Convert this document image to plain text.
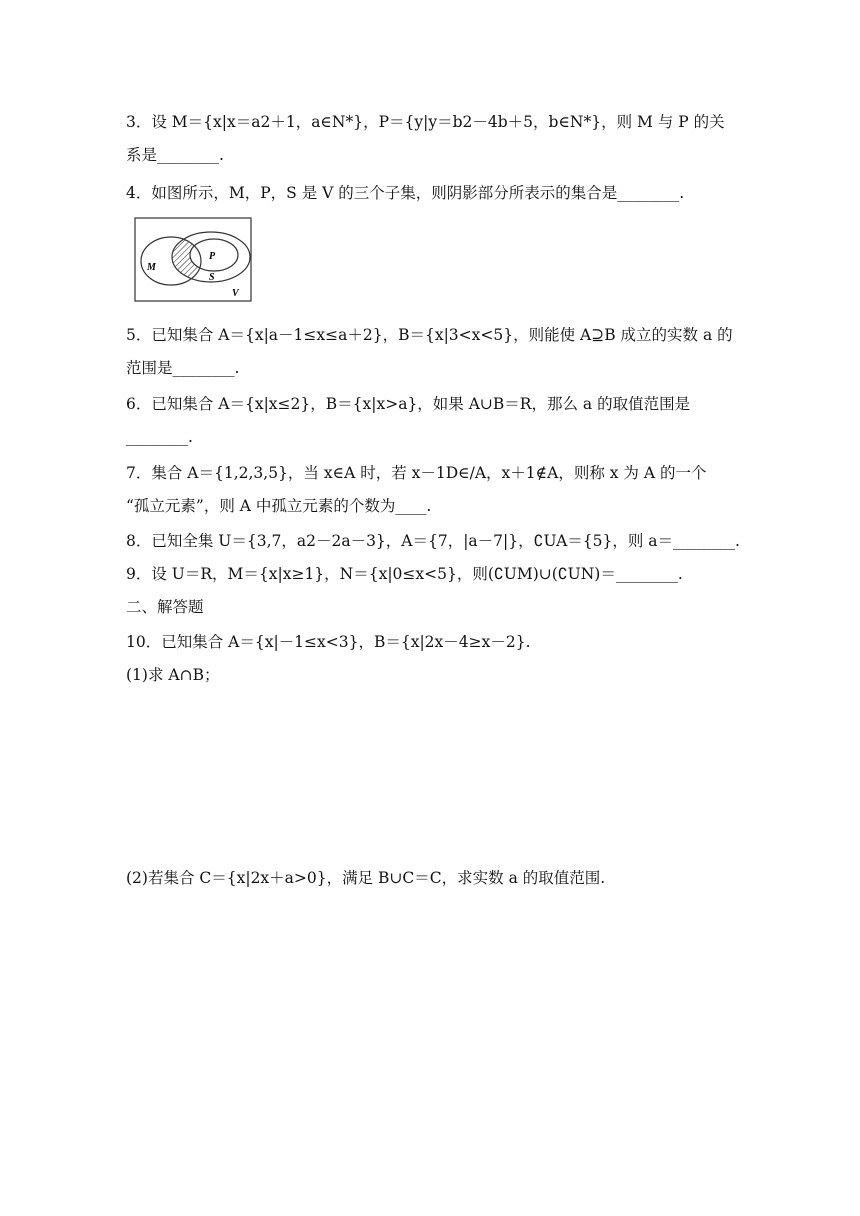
3．设 M＝{x|x＝a2＋1，a∈N*}，P＝{y|y＝b2－4b＋5，b∈N*}，则 M 与 P 的关
系是________.
4．如图所示，M，P，S 是 V 的三个子集，则阴影部分所表示的集合是________.
M
P
S
V
5．已知集合 A＝{x|a－1≤x≤a＋2}，B＝{x|3<x<5}，则能使 A⊇B 成立的实数 a 的
范围是________.
6．已知集合 A＝{x|x≤2}，B＝{x|x>a}，如果 A∪B＝R，那么 a 的取值范围是
________.
7．集合 A＝{1,2,3,5}，当 x∈A 时，若 x－1D∈/A，x＋1∉A，则称 x 为 A 的一个
“孤立元素”，则 A 中孤立元素的个数为____.
8．已知全集 U＝{3,7，a2－2a－3}，A＝{7，|a－7|}，∁UA＝{5}，则 a＝________.
9．设 U＝R，M＝{x|x≥1}，N＝{x|0≤x<5}，则(∁UM)∪(∁UN)＝________.
二、解答题
10．已知集合 A＝{x|－1≤x<3}，B＝{x|2x－4≥x－2}.
(1)求 A∩B；
(2)若集合 C＝{x|2x＋a>0}，满足 B∪C＝C，求实数 a 的取值范围.
